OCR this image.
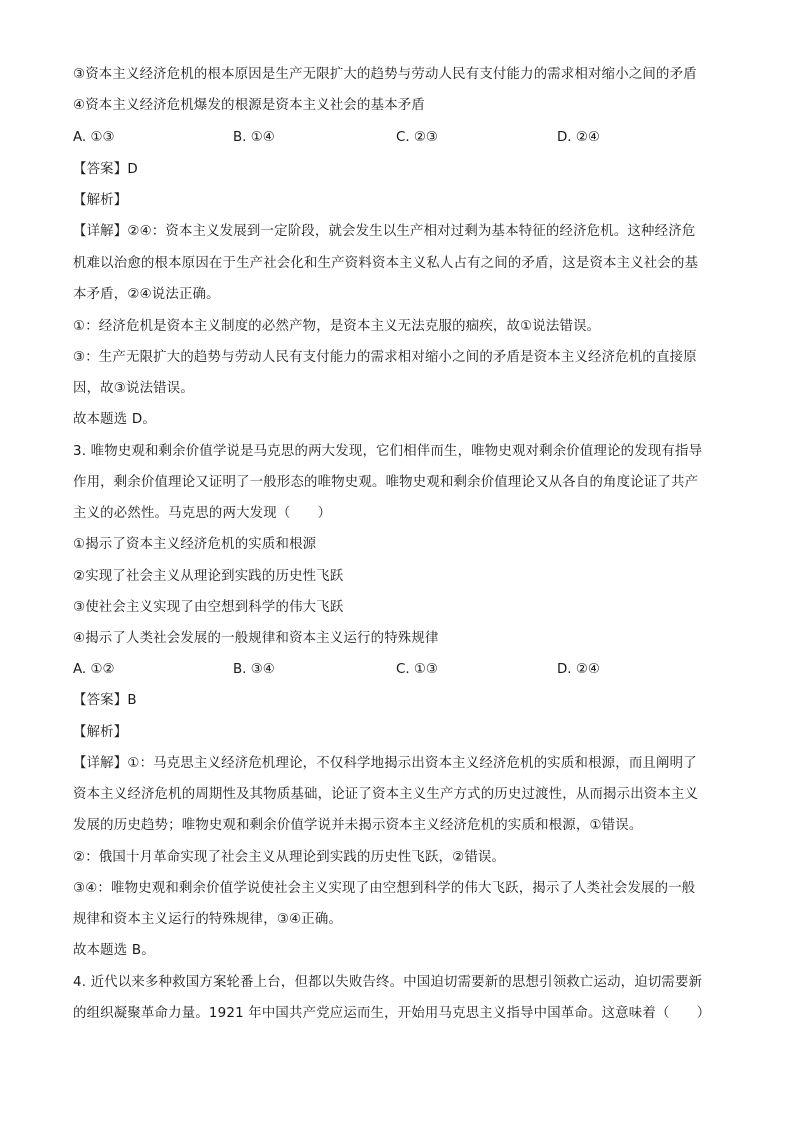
③资本主义经济危机的根本原因是生产无限扩大的趋势与劳动人民有支付能力的需求相对缩小之间的矛盾
④资本主义经济危机爆发的根源是资本主义社会的基本矛盾
A. ①③	B. ①④	C. ②③	D. ②④
【答案】D
【解析】
【详解】②④：资本主义发展到一定阶段，就会发生以生产相对过剩为基本特征的经济危机。这种经济危
机难以治愈的根本原因在于生产社会化和生产资料资本主义私人占有之间的矛盾，这是资本主义社会的基
本矛盾，②④说法正确。
①：经济危机是资本主义制度的必然产物，是资本主义无法克服的痼疾，故①说法错误。
③：生产无限扩大的趋势与劳动人民有支付能力的需求相对缩小之间的矛盾是资本主义经济危机的直接原
因，故③说法错误。
故本题选 D。
3. 唯物史观和剩余价值学说是马克思的两大发现，它们相伴而生，唯物史观对剩余价值理论的发现有指导
作用，剩余价值理论又证明了一般形态的唯物史观。唯物史观和剩余价值理论又从各自的角度论证了共产
主义的必然性。马克思的两大发现（　　）
①揭示了资本主义经济危机的实质和根源
②实现了社会主义从理论到实践的历史性飞跃
③使社会主义实现了由空想到科学的伟大飞跃
④揭示了人类社会发展的一般规律和资本主义运行的特殊规律
A. ①②	B. ③④	C. ①③	D. ②④
【答案】B
【解析】
【详解】①：马克思主义经济危机理论，不仅科学地揭示出资本主义经济危机的实质和根源，而且阐明了
资本主义经济危机的周期性及其物质基础，论证了资本主义生产方式的历史过渡性，从而揭示出资本主义
发展的历史趋势；唯物史观和剩余价值学说并未揭示资本主义经济危机的实质和根源，①错误。
②：俄国十月革命实现了社会主义从理论到实践的历史性飞跃，②错误。
③④：唯物史观和剩余价值学说使社会主义实现了由空想到科学的伟大飞跃，揭示了人类社会发展的一般
规律和资本主义运行的特殊规律，③④正确。
故本题选 B。
4. 近代以来多种救国方案轮番上台，但都以失败告终。中国迫切需要新的思想引领救亡运动，迫切需要新
的组织凝聚革命力量。1921 年中国共产党应运而生，开始用马克思主义指导中国革命。这意味着（　　）
